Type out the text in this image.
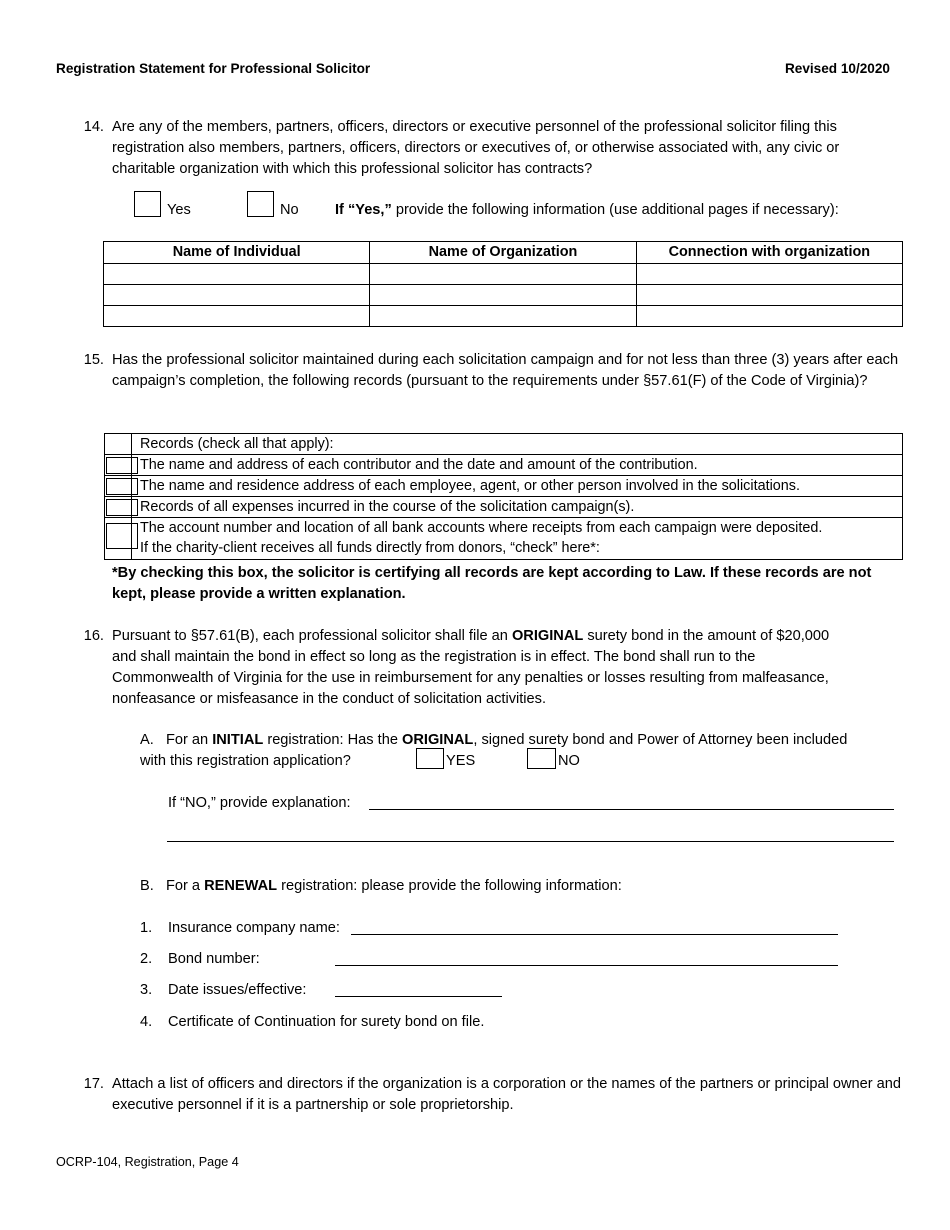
Registration Statement for Professional Solicitor	Revised 10/2020
14. Are any of the members, partners, officers, directors or executive personnel of the professional solicitor filing this registration also members, partners, officers, directors or executives of, or otherwise associated with, any civic or charitable organization with which this professional solicitor has contracts?
Yes	No If “Yes,” provide the following information (use additional pages if necessary):
Name of Individual	Name of Organization	Connection with organization

15. Has the professional solicitor maintained during each solicitation campaign and for not less than three (3) years after each campaign’s completion, the following records (pursuant to the requirements under §57.61(F) of the Code of Virginia)?
	Records (check all that apply):

	The name and address of each contributor and the date and amount of the contribution.

	The name and residence address of each employee, agent, or other person involved in the solicitations.

	Records of all expenses incurred in the course of the solicitation campaign(s).

	The account number and location of all bank accounts where receipts from each campaign were deposited.
If the charity-client receives all funds directly from donors, “check” here*:
*By checking this box, the solicitor is certifying all records are kept according to Law. If these records are not kept, please provide a written explanation.
16. Pursuant to §57.61(B), each professional solicitor shall file an ORIGINAL surety bond in the amount of $20,000
and shall maintain the bond in effect so long as the registration is in effect. The bond shall run to the
Commonwealth of Virginia for the use in reimbursement for any penalties or losses resulting from malfeasance,
nonfeasance or misfeasance in the conduct of solicitation activities.
A. For an INITIAL registration: Has the ORIGINAL, signed surety bond and Power of Attorney been included
with this registration application?	YES	NO
If “NO,” provide explanation:
B. For a RENEWAL registration: please provide the following information:
1. Insurance company name:
2. Bond number:
3. Date issues/effective:
4. Certificate of Continuation for surety bond on file.
17. Attach a list of officers and directors if the organization is a corporation or the names of the partners or principal owner and executive personnel if it is a partnership or sole proprietorship.
OCRP-104, Registration, Page 4
